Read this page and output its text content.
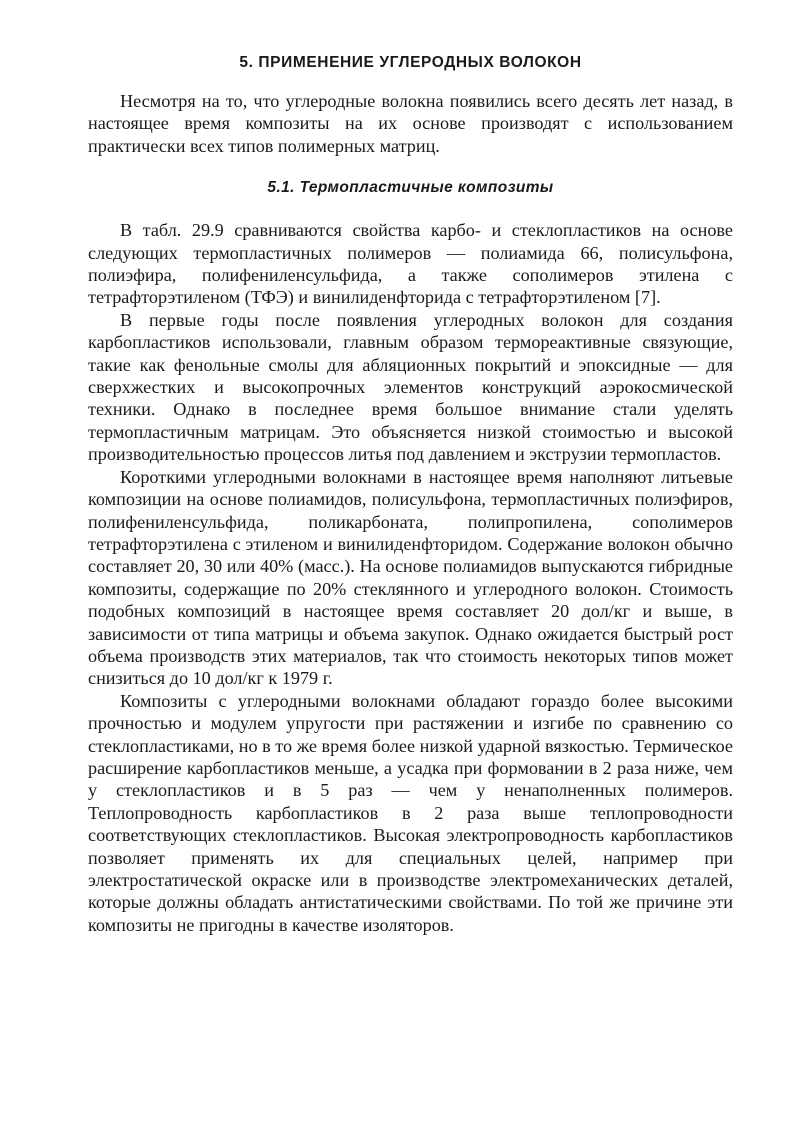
5. ПРИМЕНЕНИЕ УГЛЕРОДНЫХ ВОЛОКОН

Несмотря на то, что углеродные волокна появились всего десять лет назад, в настоящее время композиты на их основе производят с использованием практически всех типов полимерных матриц.

5.1. Термопластичные композиты

В табл. 29.9 сравниваются свойства карбо- и стеклопластиков на основе следующих термопластичных полимеров — полиамида 66, полисульфона, полиэфира, полифениленсульфида, а также сополимеров этилена с тетрафторэтиленом (ТФЭ) и винилиденфторида с тетрафторэтиленом [7].

В первые годы после появления углеродных волокон для создания карбопластиков использовали, главным образом термореактивные связующие, такие как фенольные смолы для абляционных покрытий и эпоксидные — для сверхжестких и высокопрочных элементов конструкций аэрокосмической техники. Однако в последнее время большое внимание стали уделять термопластичным матрицам. Это объясняется низкой стоимостью и высокой производительностью процессов литья под давлением и экструзии термопластов.

Короткими углеродными волокнами в настоящее время наполняют литьевые композиции на основе полиамидов, полисульфона, термопластичных полиэфиров, полифениленсульфида, поликарбоната, полипропилена, сополимеров тетрафторэтилена с этиленом и винилиденфторидом. Содержание волокон обычно составляет 20, 30 или 40% (масс.). На основе полиамидов выпускаются гибридные композиты, содержащие по 20% стеклянного и углеродного волокон. Стоимость подобных композиций в настоящее время составляет 20 дол/кг и выше, в зависимости от типа матрицы и объема закупок. Однако ожидается быстрый рост объема производств этих материалов, так что стоимость некоторых типов может снизиться до 10 дол/кг к 1979 г.

Композиты с углеродными волокнами обладают гораздо более высокими прочностью и модулем упругости при растяжении и изгибе по сравнению со стеклопластиками, но в то же время более низкой ударной вязкостью. Термическое расширение карбопластиков меньше, а усадка при формовании в 2 раза ниже, чем у стеклопластиков и в 5 раз — чем у ненаполненных полимеров. Теплопроводность карбопластиков в 2 раза выше теплопроводности соответствующих стеклопластиков. Высокая электропроводность карбопластиков позволяет применять их для специальных целей, например при электростатической окраске или в производстве электромеханических деталей, которые должны обладать антистатическими свойствами. По той же причине эти композиты не пригодны в качестве изоляторов.
